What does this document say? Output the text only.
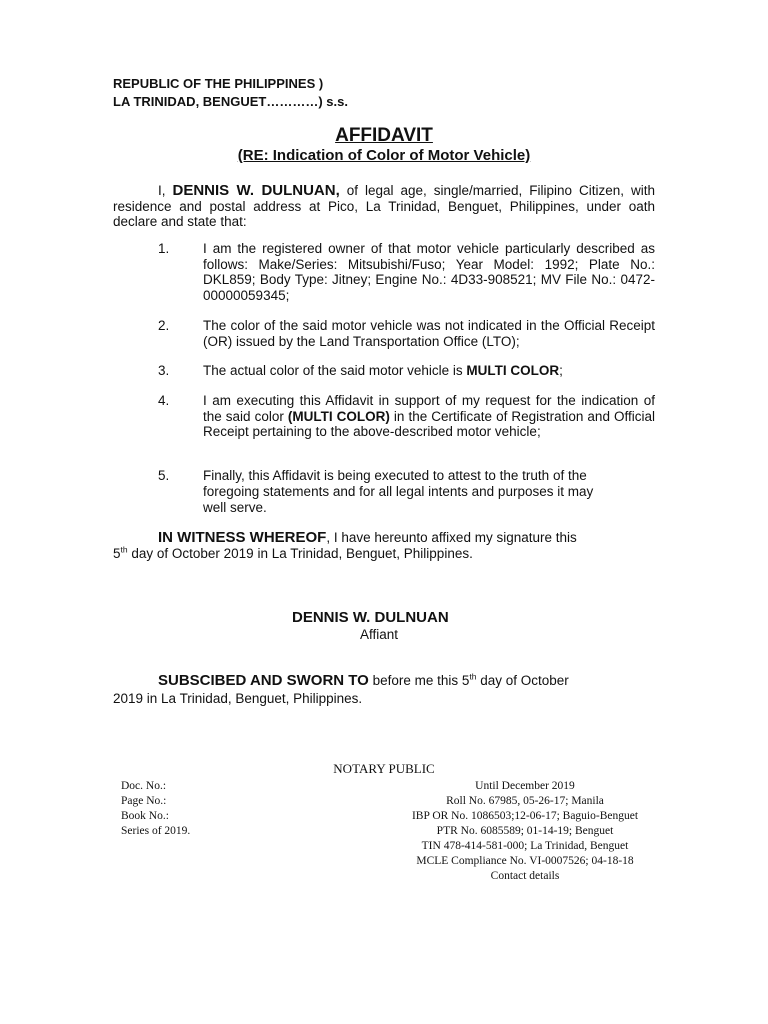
REPUBLIC OF THE PHILIPPINES )
LA TRINIDAD, BENGUET…………) s.s.
AFFIDAVIT
(RE: Indication of Color of Motor Vehicle)
I, DENNIS W. DULNUAN, of legal age, single/married, Filipino Citizen, with residence and postal address at Pico, La Trinidad, Benguet, Philippines, under oath declare and state that:
1.	I am the registered owner of that motor vehicle particularly described as follows: Make/Series: Mitsubishi/Fuso; Year Model: 1992; Plate No.: DKL859; Body Type: Jitney; Engine No.: 4D33-908521; MV File No.: 0472-00000059345;
2.	The color of the said motor vehicle was not indicated in the Official Receipt (OR) issued by the Land Transportation Office (LTO);
3.	The actual color of the said motor vehicle is MULTI COLOR;
4.	I am executing this Affidavit in support of my request for the indication of the said color (MULTI COLOR) in the Certificate of Registration and Official Receipt pertaining to the above-described motor vehicle;
5.	Finally, this Affidavit is being executed to attest to the truth of the
foregoing statements and for all legal intents and purposes it may
well serve.
IN WITNESS WHEREOF, I have hereunto affixed my signature this
5th day of October 2019 in La Trinidad, Benguet, Philippines.
DENNIS W. DULNUAN
Affiant
SUBSCIBED AND SWORN TO before me this 5th day of October
2019 in La Trinidad, Benguet, Philippines.
NOTARY PUBLIC
Doc. No.:
Page No.:
Book No.:
Series of 2019.
Until December 2019
Roll No. 67985, 05-26-17; Manila
IBP OR No. 1086503;12-06-17; Baguio-Benguet
PTR No. 6085589; 01-14-19; Benguet
TIN 478-414-581-000; La Trinidad, Benguet
MCLE Compliance No. VI-0007526; 04-18-18
Contact details
